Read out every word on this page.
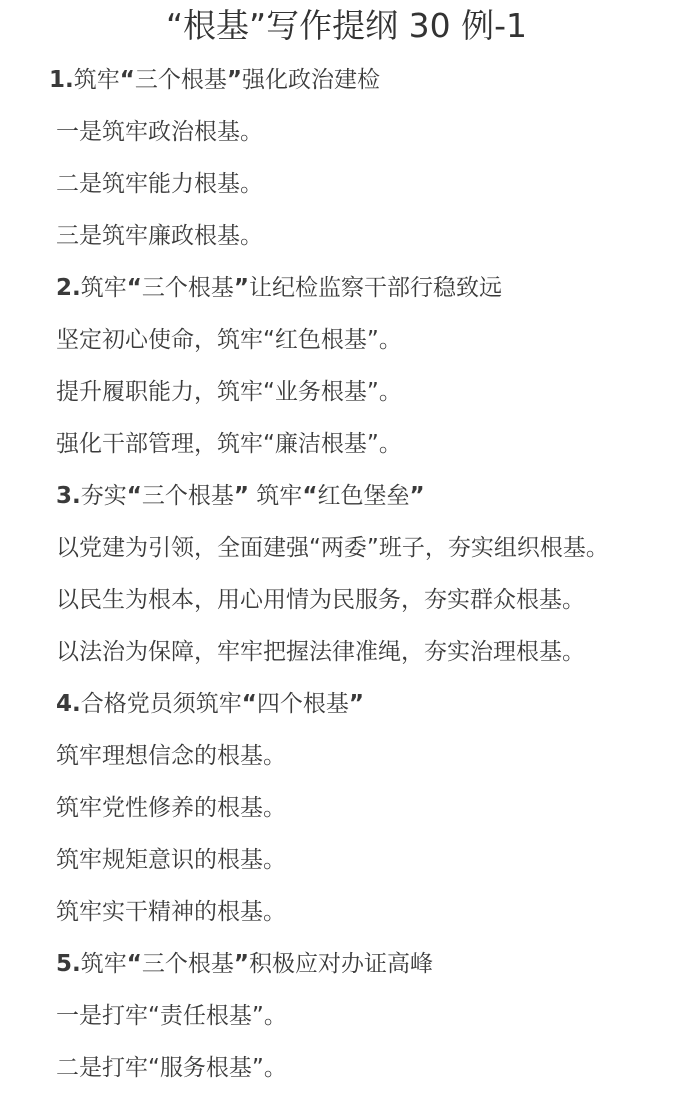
“根基”写作提纲 30 例-1
1.筑牢“三个根基”强化政治建检
一是筑牢政治根基。
二是筑牢能力根基。
三是筑牢廉政根基。
2.筑牢“三个根基”让纪检监察干部行稳致远
坚定初心使命，筑牢“红色根基”。
提升履职能力，筑牢“业务根基”。
强化干部管理，筑牢“廉洁根基”。
3.夯实“三个根基” 筑牢“红色堡垒”
以党建为引领，全面建强“两委”班子，夯实组织根基。
以民生为根本，用心用情为民服务，夯实群众根基。
以法治为保障，牢牢把握法律准绳，夯实治理根基。
4.合格党员须筑牢“四个根基”
筑牢理想信念的根基。
筑牢党性修养的根基。
筑牢规矩意识的根基。
筑牢实干精神的根基。
5.筑牢“三个根基”积极应对办证高峰
一是打牢“责任根基”。
二是打牢“服务根基”。
